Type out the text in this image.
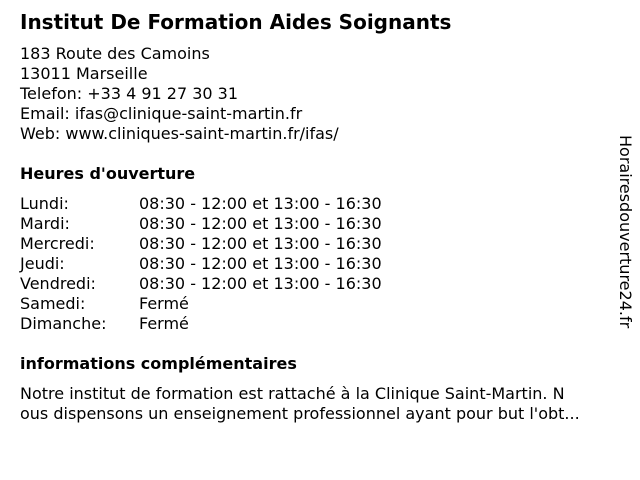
Institut De Formation Aides Soignants
183 Route des Camoins
13011 Marseille
Telefon: +33 4 91 27 30 31
Email: ifas@clinique-saint-martin.fr
Web: www.cliniques-saint-martin.fr/ifas/
Heures d'ouverture
Lundi:	08:30 - 12:00 et 13:00 - 16:30
Mardi:	08:30 - 12:00 et 13:00 - 16:30
Mercredi:	08:30 - 12:00 et 13:00 - 16:30
Jeudi:	08:30 - 12:00 et 13:00 - 16:30
Vendredi:	08:30 - 12:00 et 13:00 - 16:30
Samedi:	Fermé
Dimanche: Fermé
informations complémentaires
Notre institut de formation est rattaché à la Clinique Saint-Martin. N
ous dispensons un enseignement professionnel ayant pour but l'obt...
Horairesdouverture24.fr
